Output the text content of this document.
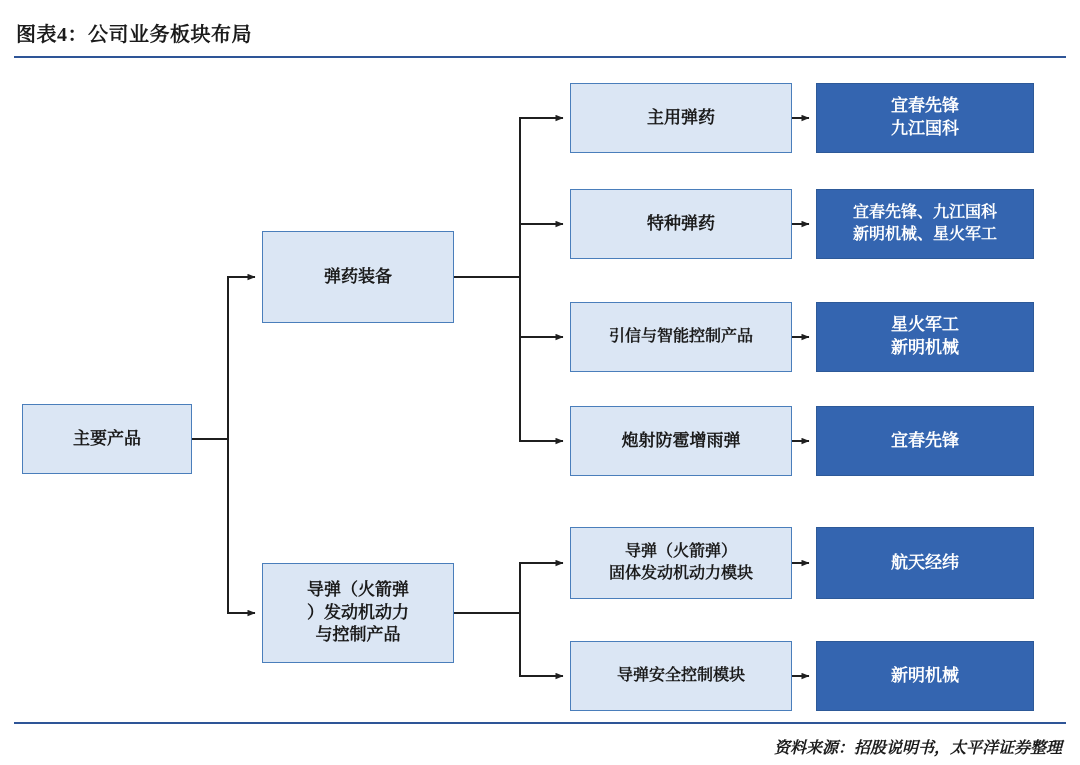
图表4：公司业务板块布局
主要产品
弹药装备
导弹（火箭弹
）发动机动力
与控制产品
主用弹药
特种弹药
引信与智能控制产品
炮射防雹增雨弹
导弹（火箭弹）
固体发动机动力模块
导弹安全控制模块
宜春先锋
九江国科
宜春先锋、九江国科
新明机械、星火军工
星火军工
新明机械
宜春先锋
航天经纬
新明机械
资料来源：招股说明书，太平洋证券整理
